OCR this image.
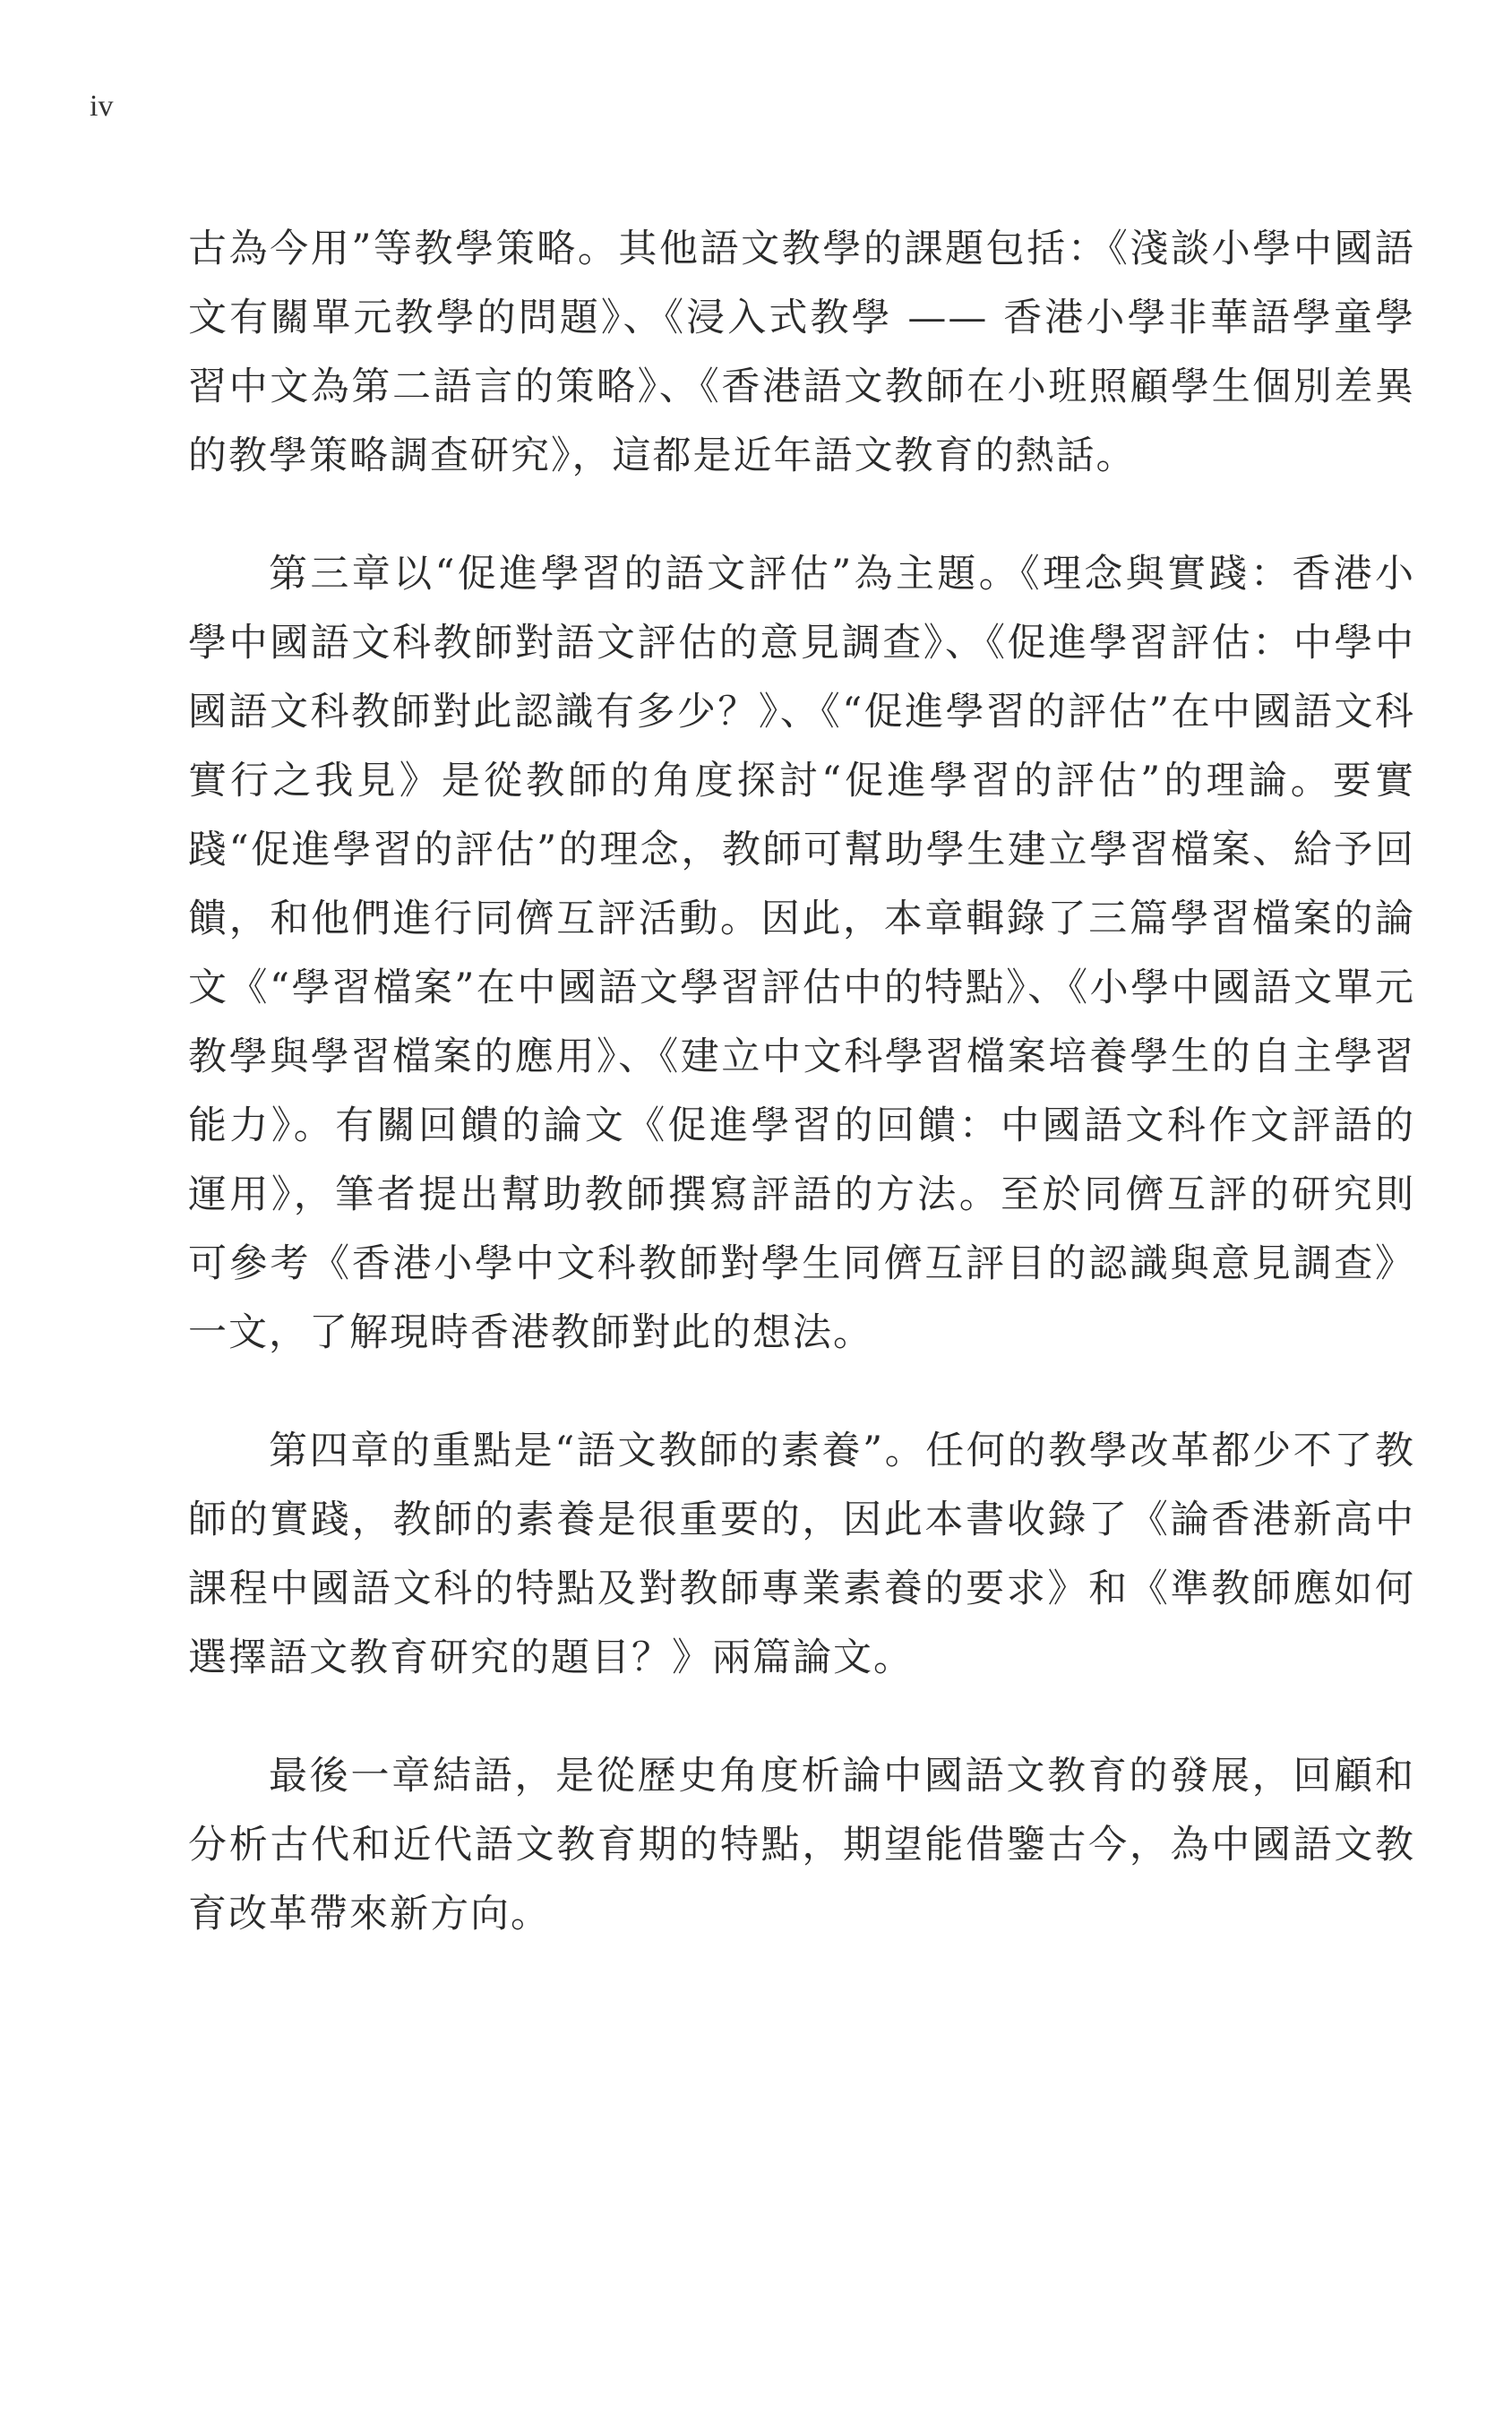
iv

古為今用”等教學策略。其他語文教學的課題包括：《淺談小學中國語文有關單元教學的問題》、《浸入式教學 —— 香港小學非華語學童學習中文為第二語言的策略》、《香港語文教師在小班照顧學生個別差異的教學策略調查研究》，這都是近年語文教育的熱話。

第三章以“促進學習的語文評估”為主題。《理念與實踐：香港小學中國語文科教師對語文評估的意見調查》、《促進學習評估：中學中國語文科教師對此認識有多少？》、《“促進學習的評估”在中國語文科實行之我見》是從教師的角度探討“促進學習的評估”的理論。要實踐“促進學習的評估”的理念，教師可幫助學生建立學習檔案、給予回饋，和他們進行同儕互評活動。因此，本章輯錄了三篇學習檔案的論文《“學習檔案”在中國語文學習評估中的特點》、《小學中國語文單元教學與學習檔案的應用》、《建立中文科學習檔案培養學生的自主學習能力》。有關回饋的論文《促進學習的回饋：中國語文科作文評語的運用》，筆者提出幫助教師撰寫評語的方法。至於同儕互評的研究則可參考《香港小學中文科教師對學生同儕互評目的認識與意見調查》一文，了解現時香港教師對此的想法。

第四章的重點是“語文教師的素養”。任何的教學改革都少不了教師的實踐，教師的素養是很重要的，因此本書收錄了《論香港新高中課程中國語文科的特點及對教師專業素養的要求》和《準教師應如何選擇語文教育研究的題目？》兩篇論文。

最後一章結語，是從歷史角度析論中國語文教育的發展，回顧和分析古代和近代語文教育期的特點，期望能借鑒古今，為中國語文教育改革帶來新方向。
